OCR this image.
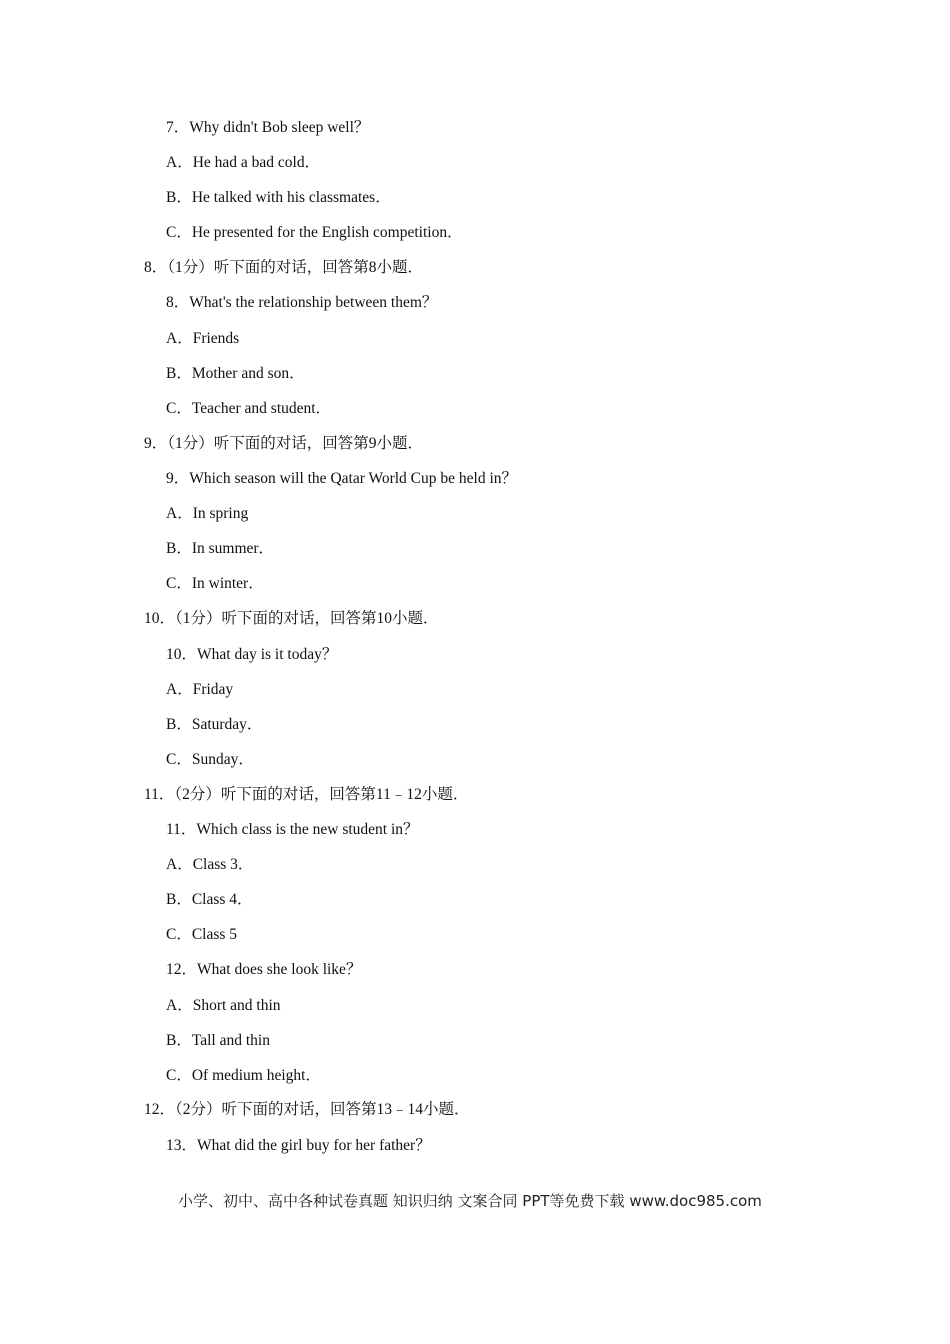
7．Why didn't Bob sleep well？
A．He had a bad cold．
B．He talked with his classmates．
C．He presented for the English competition．
8．（1分）听下面的对话，回答第8小题．
8．What's the relationship between them？
A．Friends
B．Mother and son．
C．Teacher and student．
9．（1分）听下面的对话，回答第9小题．
9．Which season will the Qatar World Cup be held in？
A．In spring
B．In summer．
C．In winter．
10．（1分）听下面的对话，回答第10小题．
10．What day is it today？
A．Friday
B．Saturday．
C．Sunday．
11．（2分）听下面的对话，回答第11﹣12小题．
11．Which class is the new student in？
A．Class 3．
B．Class 4．
C．Class 5
12．What does she look like？
A．Short and thin
B．Tall and thin
C．Of medium height．
12．（2分）听下面的对话，回答第13﹣14小题．
13．What did the girl buy for her father？
小学、初中、高中各种试卷真题 知识归纳 文案合同 PPT等免费下载 www.doc985.com
